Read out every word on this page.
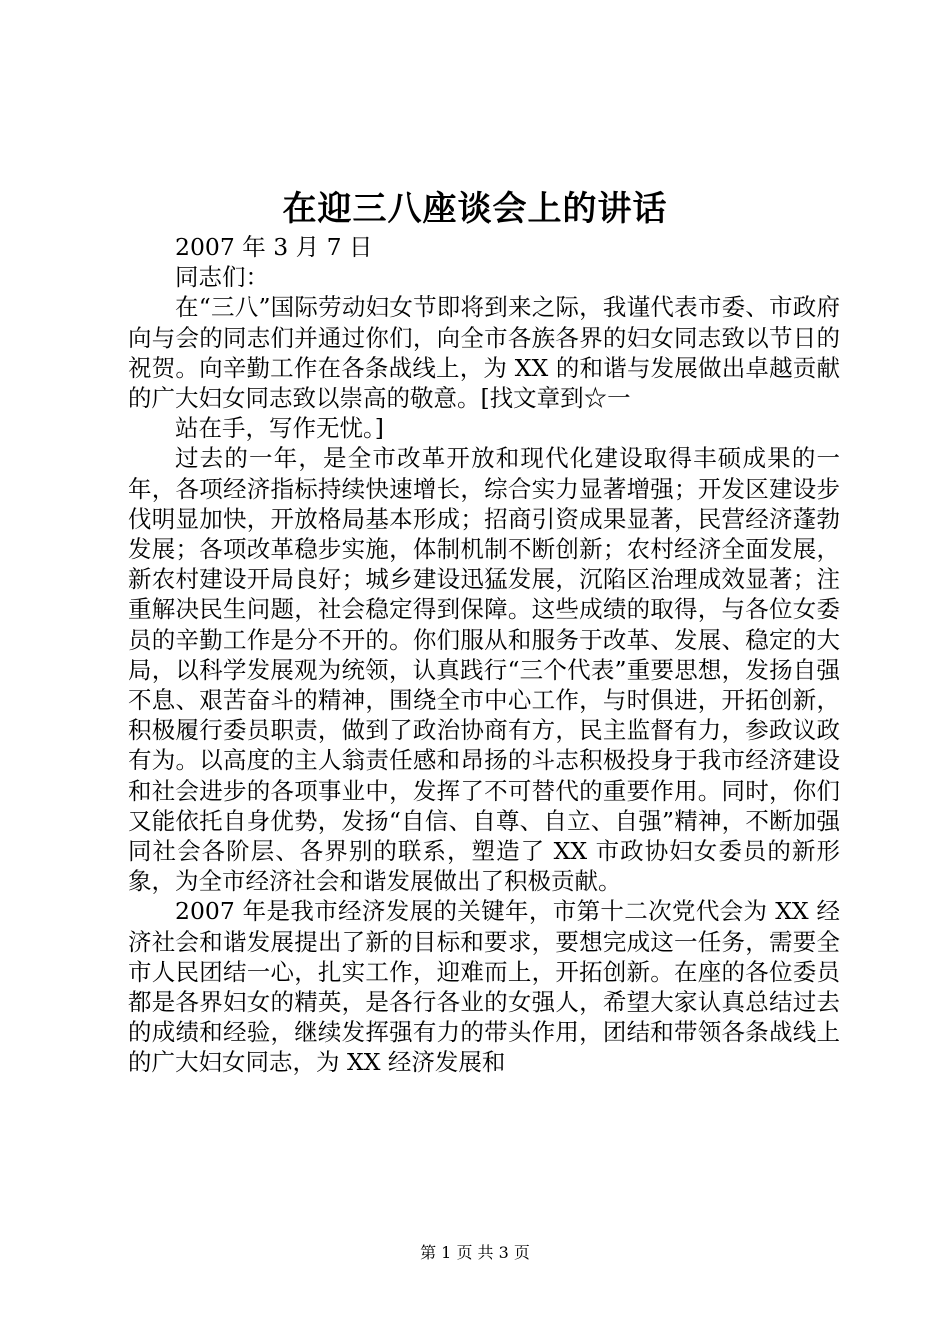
在迎三八座谈会上的讲话

2007 年 3 月 7 日

同志们：

在“三八”国际劳动妇女节即将到来之际，我谨代表市委、市政府向与会的同志们并通过你们，向全市各族各界的妇女同志致以节日的祝贺。向辛勤工作在各条战线上，为 XX 的和谐与发展做出卓越贡献的广大妇女同志致以崇高的敬意。[找文章到☆一

站在手，写作无忧。]

过去的一年，是全市改革开放和现代化建设取得丰硕成果的一年，各项经济指标持续快速增长，综合实力显著增强；开发区建设步伐明显加快，开放格局基本形成；招商引资成果显著，民营经济蓬勃发展；各项改革稳步实施，体制机制不断创新；农村经济全面发展，新农村建设开局良好；城乡建设迅猛发展，沉陷区治理成效显著；注重解决民生问题，社会稳定得到保障。这些成绩的取得，与各位女委员的辛勤工作是分不开的。你们服从和服务于改革、发展、稳定的大局，以科学发展观为统领，认真践行“三个代表”重要思想，发扬自强不息、艰苦奋斗的精神，围绕全市中心工作，与时俱进，开拓创新，积极履行委员职责，做到了政治协商有方，民主监督有力，参政议政有为。以高度的主人翁责任感和昂扬的斗志积极投身于我市经济建设和社会进步的各项事业中，发挥了不可替代的重要作用。同时，你们又能依托自身优势，发扬“自信、自尊、自立、自强”精神，不断加强同社会各阶层、各界别的联系，塑造了 XX 市政协妇女委员的新形象，为全市经济社会和谐发展做出了积极贡献。

2007 年是我市经济发展的关键年，市第十二次党代会为 XX 经济社会和谐发展提出了新的目标和要求，要想完成这一任务，需要全市人民团结一心，扎实工作，迎难而上，开拓创新。在座的各位委员都是各界妇女的精英，是各行各业的女强人，希望大家认真总结过去的成绩和经验，继续发挥强有力的带头作用，团结和带领各条战线上的广大妇女同志，为 XX 经济发展和

第 1 页 共 3 页
